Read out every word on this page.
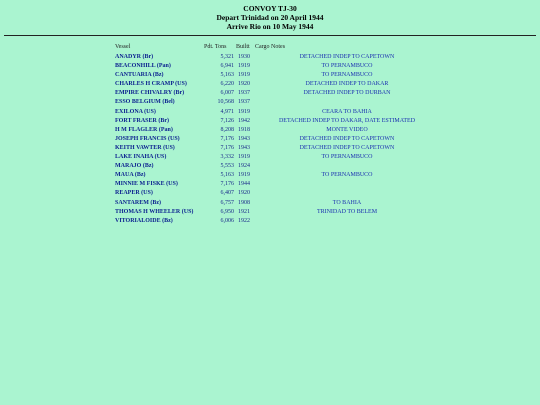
CONVOY TJ-30
Depart Trinidad on 20 April 1944
Arrive Rio on 10 May 1944
Vessel	Pdt. Tons Builtt Cargo Notes
ANADYR (Br)	5,321 1930	DETACHED INDEP TO CAPETOWN
BEACONHILL (Pan)	6,941 1919	TO PERNAMBUCO
CANTUARIA (Bz)	5,163 1919	TO PERNAMBUCO
CHARLES H CRAMP (US)	6,220 1920	DETACHED INDEP TO DAKAR
EMPIRE CHIVALRY (Br)	6,007 1937	DETACHED INDEP TO DURBAN
ESSO BELGIUM (Bel)	10,568 1937
EXILONA (US)	4,971 1919	CEARA TO BAHIA
FORT FRASER (Br)	7,126 1942	DETACHED INDEP TO DAKAR, DATE ESTIMATED
H M FLAGLER (Pan)	8,208 1918	MONTE VIDEO
JOSEPH FRANCIS (US)	7,176 1943	DETACHED INDEP TO CAPETOWN
KEITH VAWTER (US)	7,176 1943	DETACHED INDEP TO CAPETOWN
LAKE INAHA (US)	3,332 1919	TO PERNAMBUCO
MARAJO (Bz)	5,553 1924
MAUA (Bz)	5,163 1919	TO PERNAMBUCO
MINNIE M FISKE (US)	7,176 1944
REAPER (US)	6,407 1920
SANTAREM (Bz)	6,757 1908	TO BAHIA
THOMAS H WHEELER (US)	6,950 1921	TRINIDAD TO BELEM
VITORIALOIDE (Bz)	6,006 1922
